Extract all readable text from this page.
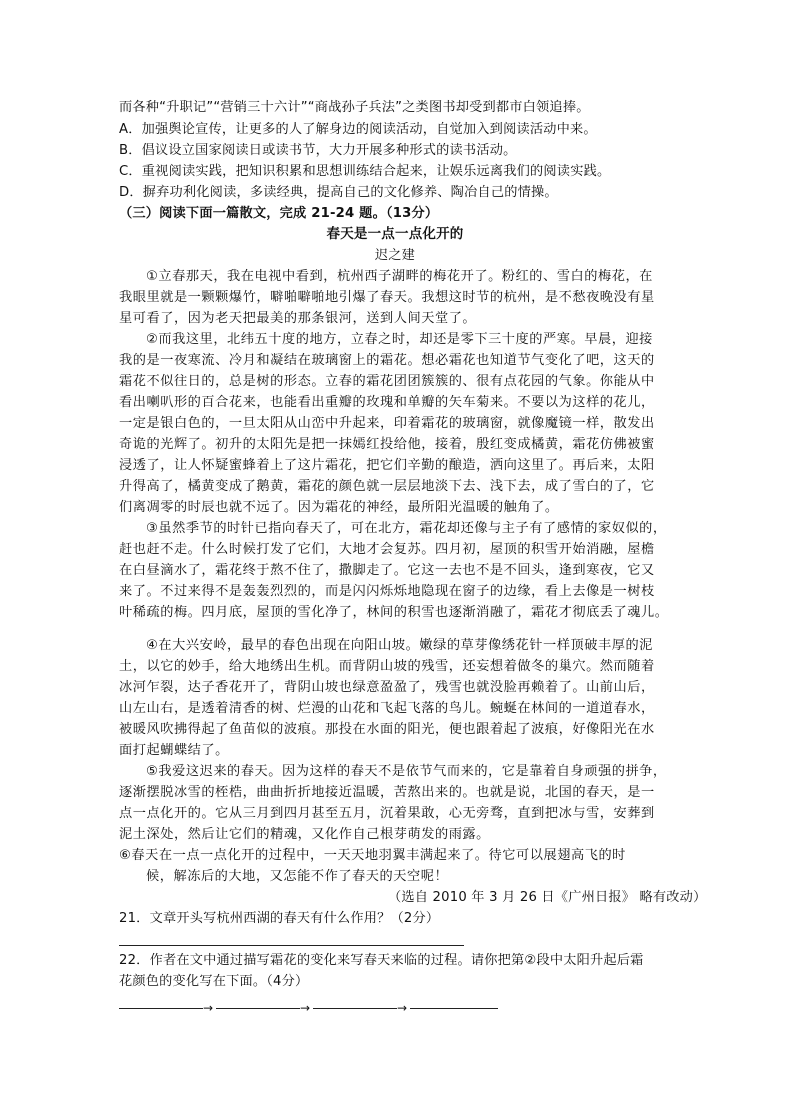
而各种“升职记”“营销三十六计”“商战孙子兵法”之类图书却受到都市白领追捧。
A．加强舆论宣传，让更多的人了解身边的阅读活动，自觉加入到阅读活动中来。
B．倡议设立国家阅读日或读书节，大力开展多种形式的读书活动。
C．重视阅读实践，把知识积累和思想训练结合起来，让娱乐远离我们的阅读实践。
D．摒弃功利化阅读，多读经典，提高自己的文化修养、陶冶自己的情操。
（三）阅读下面一篇散文，完成 21-24 题。（13分）
春天是一点一点化开的
迟之建
①立春那天，我在电视中看到，杭州西子湖畔的梅花开了。粉红的、雪白的梅花，在
我眼里就是一颗颗爆竹，噼啪噼啪地引爆了春天。我想这时节的杭州，是不愁夜晚没有星
星可看了，因为老天把最美的那条银河，送到人间天堂了。
②而我这里，北纬五十度的地方，立春之时，却还是零下三十度的严寒。早晨，迎接
我的是一夜寒流、冷月和凝结在玻璃窗上的霜花。想必霜花也知道节气变化了吧，这天的
霜花不似往日的，总是树的形态。立春的霜花团团簇簇的、很有点花园的气象。你能从中
看出喇叭形的百合花来，也能看出重瓣的玫瑰和单瓣的矢车菊来。不要以为这样的花儿，
一定是银白色的，一旦太阳从山峦中升起来，印着霜花的玻璃窗，就像魔镜一样，散发出
奇诡的光辉了。初升的太阳先是把一抹嫣红投给他，接着，殷红变成橘黄，霜花仿佛被蜜
浸透了，让人怀疑蜜蜂着上了这片霜花，把它们辛勤的酿造，洒向这里了。再后来，太阳
升得高了，橘黄变成了鹅黄，霜花的颜色就一层层地淡下去、浅下去，成了雪白的了，它
们离凋零的时辰也就不远了。因为霜花的神经，最所阳光温暖的触角了。
③虽然季节的时针已指向春天了，可在北方，霜花却还像与主子有了感情的家奴似的，
赶也赶不走。什么时候打发了它们，大地才会复苏。四月初，屋顶的积雪开始消融，屋檐
在白昼滴水了，霜花终于熬不住了，撒脚走了。它这一去也不是不回头，逢到寒夜，它又
来了。不过来得不是轰轰烈烈的，而是闪闪烁烁地隐现在窗子的边缘，看上去像是一树枝
叶稀疏的梅。四月底，屋顶的雪化净了，林间的积雪也逐渐消融了，霜花才彻底丢了魂儿。
④在大兴安岭，最早的春色出现在向阳山坡。嫩绿的草芽像绣花针一样顶破丰厚的泥
土，以它的妙手，给大地绣出生机。而背阴山坡的残雪，还妄想着做冬的巢穴。然而随着
冰河乍裂，达子香花开了，背阴山坡也绿意盈盈了，残雪也就没脸再赖着了。山前山后，
山左山右，是透着清香的树、烂漫的山花和飞起飞落的鸟儿。蜿蜒在林间的一道道春水，
被暖风吹拂得起了鱼苗似的波痕。那投在水面的阳光，便也跟着起了波痕，好像阳光在水
面打起蝴蝶结了。
⑤我爱这迟来的春天。因为这样的春天不是依节气而来的，它是靠着自身顽强的拼争，
逐渐摆脱冰雪的桎梏，曲曲折折地接近温暖，苦熬出来的。也就是说，北国的春天，是一
点一点化开的。它从三月到四月甚至五月，沉着果敢，心无旁骛，直到把冰与雪，安葬到
泥土深处，然后让它们的精魂，又化作自己根芽萌发的雨露。
⑥春天在一点一点化开的过程中，一天天地羽翼丰满起来了。待它可以展翅高飞的时
候，解冻后的大地，又怎能不作了春天的天空呢！
（选自 2010 年 3 月 26 日《广州日报》 略有改动）
21．文章开头写杭州西湖的春天有什么作用？（2分）
22．作者在文中通过描写霜花的变化来写春天来临的过程。请你把第②段中太阳升起后霜
花颜色的变化写在下面。（4分）
→	→	→
